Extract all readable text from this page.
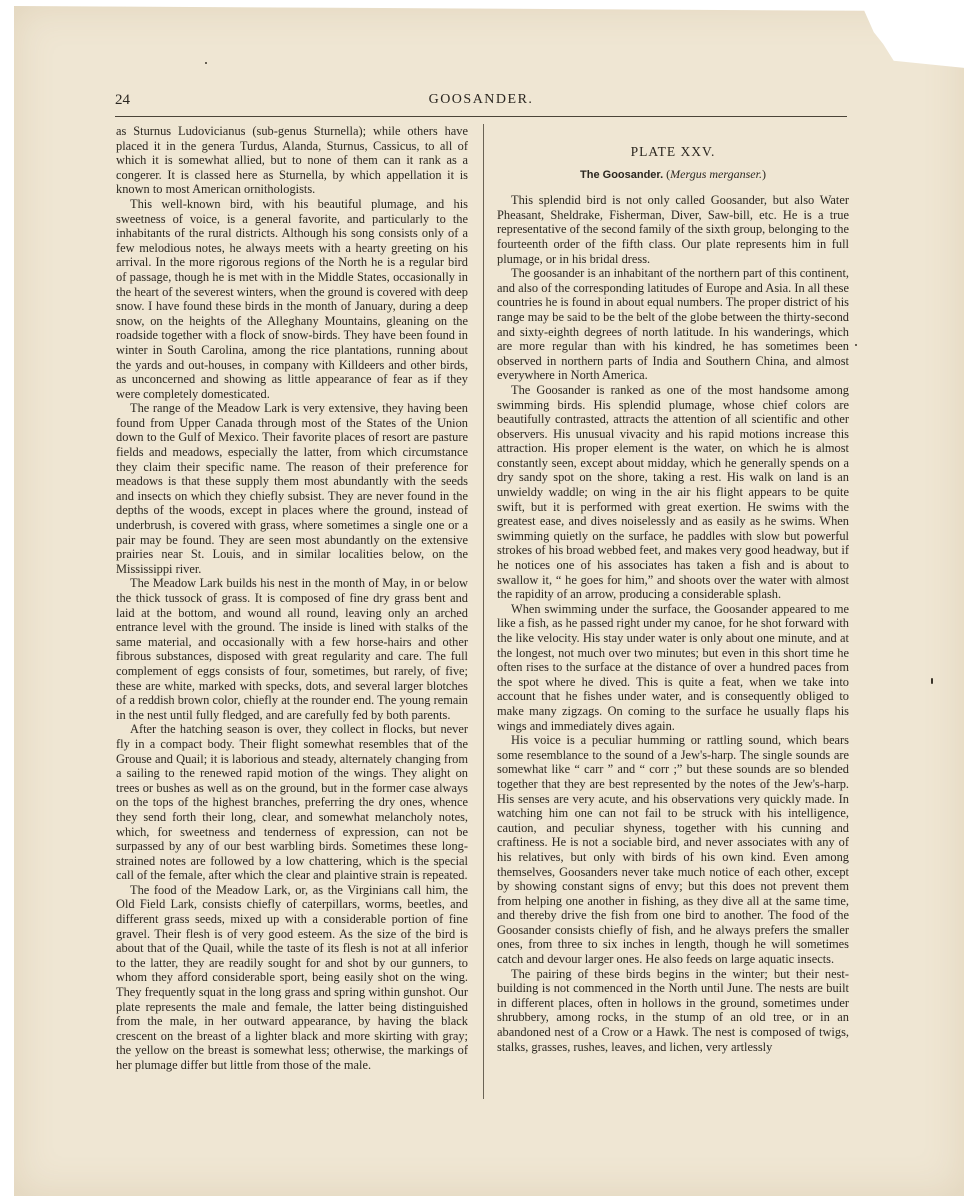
24	GOOSANDER.

as Sturnus Ludovicianus (sub-genus Sturnella); while others have placed it in the genera Turdus, Alanda, Sturnus, Cassicus, to all of which it is somewhat allied, but to none of them can it rank as a congerer. It is classed here as Sturnella, by which appellation it is known to most American ornithologists.

This well-known bird, with his beautiful plumage, and his sweetness of voice, is a general favorite, and particularly to the inhabitants of the rural districts. Although his song consists only of a few melodious notes, he always meets with a hearty greeting on his arrival. In the more rigorous regions of the North he is a regular bird of passage, though he is met with in the Middle States, occasionally in the heart of the severest winters, when the ground is covered with deep snow. I have found these birds in the month of January, during a deep snow, on the heights of the Alleghany Mountains, gleaning on the roadside together with a flock of snow-birds. They have been found in winter in South Carolina, among the rice plantations, running about the yards and out-houses, in company with Killdeers and other birds, as unconcerned and showing as little appearance of fear as if they were completely domesticated.

The range of the Meadow Lark is very extensive, they having been found from Upper Canada through most of the States of the Union down to the Gulf of Mexico. Their favorite places of resort are pasture fields and meadows, especially the latter, from which circumstance they claim their specific name. The reason of their preference for meadows is that these supply them most abundantly with the seeds and insects on which they chiefly subsist. They are never found in the depths of the woods, except in places where the ground, instead of underbrush, is covered with grass, where sometimes a single one or a pair may be found. They are seen most abundantly on the extensive prairies near St. Louis, and in similar localities below, on the Mississippi river.

The Meadow Lark builds his nest in the month of May, in or below the thick tussock of grass. It is composed of fine dry grass bent and laid at the bottom, and wound all round, leaving only an arched entrance level with the ground. The inside is lined with stalks of the same material, and occasionally with a few horse-hairs and other fibrous substances, disposed with great regularity and care. The full complement of eggs consists of four, sometimes, but rarely, of five; these are white, marked with specks, dots, and several larger blotches of a reddish brown color, chiefly at the rounder end. The young remain in the nest until fully fledged, and are carefully fed by both parents.

After the hatching season is over, they collect in flocks, but never fly in a compact body. Their flight somewhat resembles that of the Grouse and Quail; it is laborious and steady, alternately changing from a sailing to the renewed rapid motion of the wings. They alight on trees or bushes as well as on the ground, but in the former case always on the tops of the highest branches, preferring the dry ones, whence they send forth their long, clear, and somewhat melancholy notes, which, for sweetness and tenderness of expression, can not be surpassed by any of our best warbling birds. Sometimes these long-strained notes are followed by a low chattering, which is the special call of the female, after which the clear and plaintive strain is repeated.

The food of the Meadow Lark, or, as the Virginians call him, the Old Field Lark, consists chiefly of caterpillars, worms, beetles, and different grass seeds, mixed up with a considerable portion of fine gravel. Their flesh is of very good esteem. As the size of the bird is about that of the Quail, while the taste of its flesh is not at all inferior to the latter, they are readily sought for and shot by our gunners, to whom they afford considerable sport, being easily shot on the wing. They frequently squat in the long grass and spring within gunshot. Our plate represents the male and female, the latter being distinguished from the male, in her outward appearance, by having the black crescent on the breast of a lighter black and more skirting with gray; the yellow on the breast is somewhat less; otherwise, the markings of her plumage differ but little from those of the male.

PLATE XXV.
The Goosander. (Mergus merganser.)

This splendid bird is not only called Goosander, but also Water Pheasant, Sheldrake, Fisherman, Diver, Saw-bill, etc. He is a true representative of the second family of the sixth group, belonging to the fourteenth order of the fifth class. Our plate represents him in full plumage, or in his bridal dress.

The goosander is an inhabitant of the northern part of this continent, and also of the corresponding latitudes of Europe and Asia. In all these countries he is found in about equal numbers. The proper district of his range may be said to be the belt of the globe between the thirty-second and sixty-eighth degrees of north latitude. In his wanderings, which are more regular than with his kindred, he has sometimes been observed in northern parts of India and Southern China, and almost everywhere in North America.

The Goosander is ranked as one of the most handsome among swimming birds. His splendid plumage, whose chief colors are beautifully contrasted, attracts the attention of all scientific and other observers. His unusual vivacity and his rapid motions increase this attraction. His proper element is the water, on which he is almost constantly seen, except about midday, which he generally spends on a dry sandy spot on the shore, taking a rest. His walk on land is an unwieldy waddle; on wing in the air his flight appears to be quite swift, but it is performed with great exertion. He swims with the greatest ease, and dives noiselessly and as easily as he swims. When swimming quietly on the surface, he paddles with slow but powerful strokes of his broad webbed feet, and makes very good headway, but if he notices one of his associates has taken a fish and is about to swallow it, “ he goes for him,” and shoots over the water with almost the rapidity of an arrow, producing a considerable splash.

When swimming under the surface, the Goosander appeared to me like a fish, as he passed right under my canoe, for he shot forward with the like velocity. His stay under water is only about one minute, and at the longest, not much over two minutes; but even in this short time he often rises to the surface at the distance of over a hundred paces from the spot where he dived. This is quite a feat, when we take into account that he fishes under water, and is consequently obliged to make many zigzags. On coming to the surface he usually flaps his wings and immediately dives again.

His voice is a peculiar humming or rattling sound, which bears some resemblance to the sound of a Jew's-harp. The single sounds are somewhat like “ carr ” and “ corr ;” but these sounds are so blended together that they are best represented by the notes of the Jew's-harp. His senses are very acute, and his observations very quickly made. In watching him one can not fail to be struck with his intelligence, caution, and peculiar shyness, together with his cunning and craftiness. He is not a sociable bird, and never associates with any of his relatives, but only with birds of his own kind. Even among themselves, Goosanders never take much notice of each other, except by showing constant signs of envy; but this does not prevent them from helping one another in fishing, as they dive all at the same time, and thereby drive the fish from one bird to another. The food of the Goosander consists chiefly of fish, and he always prefers the smaller ones, from three to six inches in length, though he will sometimes catch and devour larger ones. He also feeds on large aquatic insects.

The pairing of these birds begins in the winter; but their nest-building is not commenced in the North until June. The nests are built in different places, often in hollows in the ground, sometimes under shrubbery, among rocks, in the stump of an old tree, or in an abandoned nest of a Crow or a Hawk. The nest is composed of twigs, stalks, grasses, rushes, leaves, and lichen, very artlessly
